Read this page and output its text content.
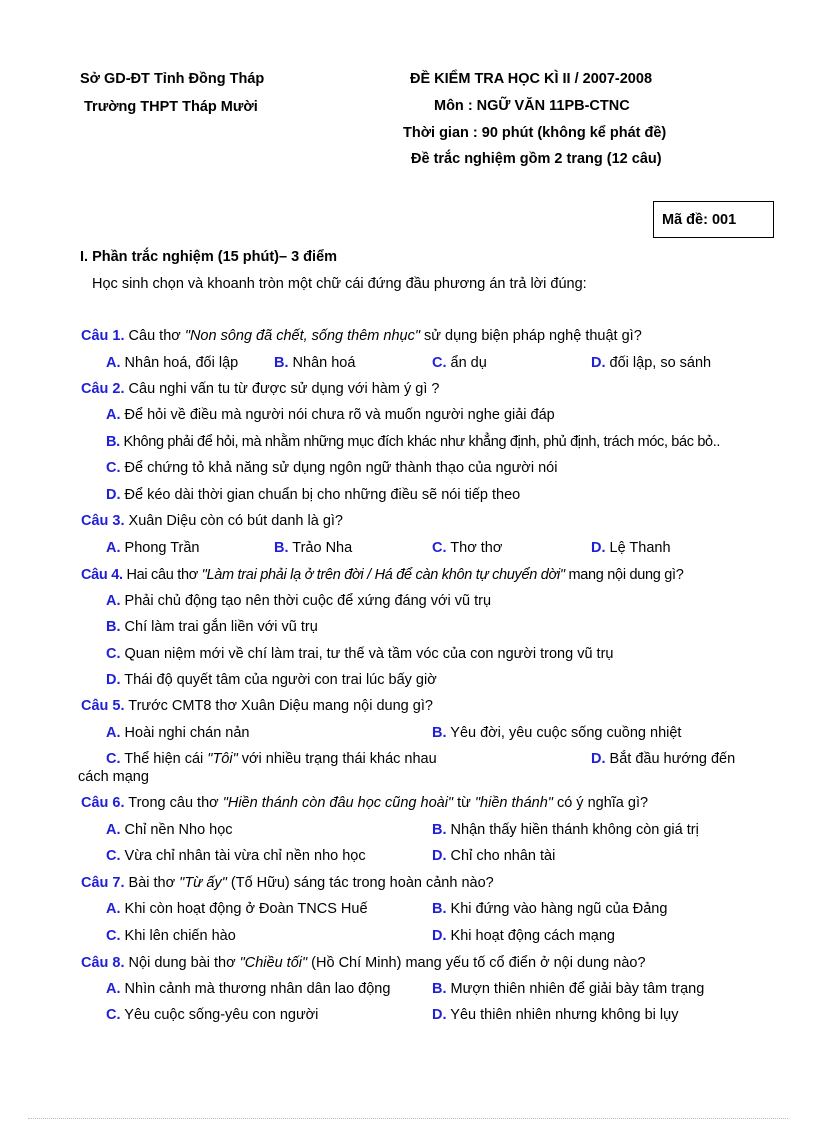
Sở GD-ĐT Tỉnh Đồng Tháp
Trường THPT Tháp Mười
ĐỀ KIỂM TRA HỌC KÌ II / 2007-2008
Môn : NGỮ VĂN 11PB-CTNC
Thời gian : 90 phút (không kể phát đề)
Đề trắc nghiệm gồm 2 trang (12 câu)
Mã đề: 001
I. Phần trắc nghiệm (15 phút)– 3 điểm
Học sinh chọn và khoanh tròn một chữ cái đứng đầu phương án trả lời đúng:
Câu 1. Câu thơ "Non sông đã chết, sống thêm nhục" sử dụng biện pháp nghệ thuật gì?
A. Nhân hoá, đối lập B. Nhân hoá	C. ẩn dụ	D. đối lập, so sánh
Câu 2. Câu nghi vấn tu từ được sử dụng với hàm ý gì ?
A. Để hỏi về điều mà người nói chưa rõ và muốn người nghe giải đáp
B. Không phải để hỏi, mà nhằm những mục đích khác như khẳng định, phủ định, trách móc, bác bỏ..
C. Để chứng tỏ khả năng sử dụng ngôn ngữ thành thạo của người nói
D. Để kéo dài thời gian chuẩn bị cho những điều sẽ nói tiếp theo
Câu 3. Xuân Diệu còn có bút danh là gì?
A. Phong Trần	B. Trảo Nha	C. Thơ thơ	D. Lệ Thanh
Câu 4. Hai câu thơ "Làm trai phải lạ ở trên đời / Há để càn khôn tự chuyển dời" mang nội dung gì?
A. Phải chủ động tạo nên thời cuộc để xứng đáng với vũ trụ
B. Chí làm trai gắn liền với vũ trụ
C. Quan niệm mới về chí làm trai, tư thế và tầm vóc của con người trong vũ trụ
D. Thái độ quyết tâm của người con trai lúc bấy giờ
Câu 5. Trước CMT8 thơ Xuân Diệu mang nội dung gì?
A. Hoài nghi chán nản	B. Yêu đời, yêu cuộc sống cuồng nhiệt
C. Thể hiện cái "Tôi" với nhiều trạng thái khác nhau	D. Bắt đầu hướng đến
cách mạng
Câu 6. Trong câu thơ "Hiền thánh còn đâu học cũng hoài" từ "hiền thánh" có ý nghĩa gì?
A. Chỉ nền Nho học	B. Nhận thấy hiền thánh không còn giá trị
C. Vừa chỉ nhân tài vừa chỉ nền nho học	D. Chỉ cho nhân tài
Câu 7. Bài thơ "Từ ấy" (Tố Hữu) sáng tác trong hoàn cảnh nào?
A. Khi còn hoạt động ở Đoàn TNCS Huế	B. Khi đứng vào hàng ngũ của Đảng
C. Khi lên chiến hào	D. Khi hoạt động cách mạng
Câu 8. Nội dung bài thơ "Chiều tối" (Hồ Chí Minh) mang yếu tố cổ điển ở nội dung nào?
A. Nhìn cảnh mà thương nhân dân lao động	B. Mượn thiên nhiên để giải bày tâm trạng
C. Yêu cuộc sống-yêu con người	D. Yêu thiên nhiên nhưng không bi lụy
